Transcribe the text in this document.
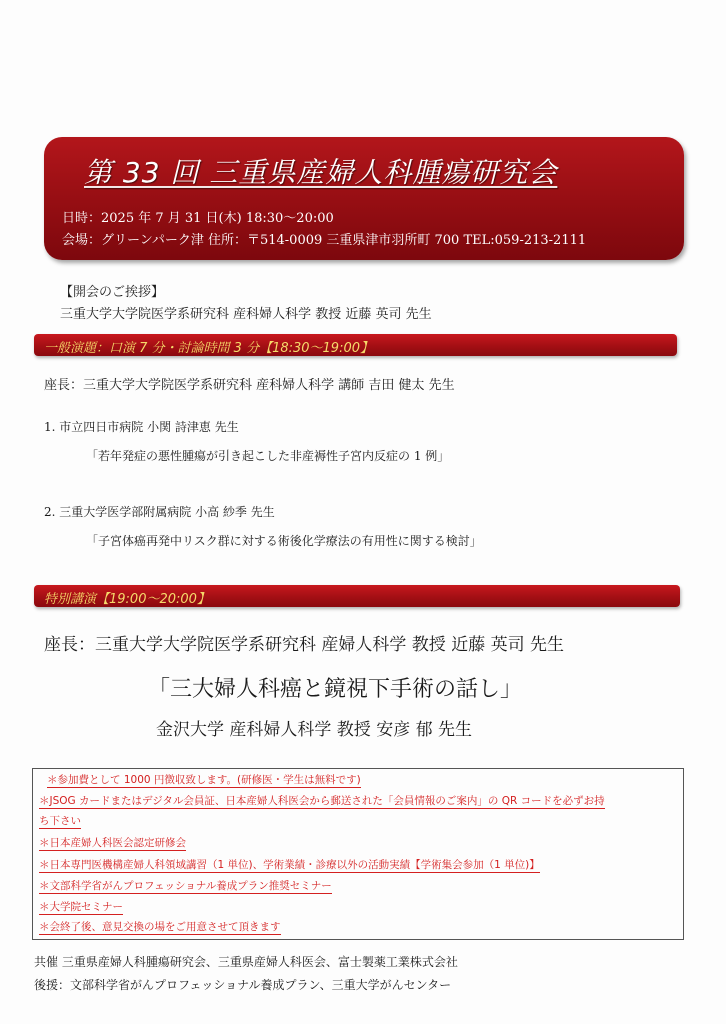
第 33 回 三重県産婦人科腫瘍研究会
日時：2025 年 7 月 31 日(木) 18:30〜20:00
会場：グリーンパーク津 住所：〒514-0009 三重県津市羽所町 700 TEL:059-213-2111
【開会のご挨拶】
三重大学大学院医学系研究科 産科婦人科学 教授 近藤 英司 先生
一般演題：口演 7 分・討論時間 3 分【18:30〜19:00】
座長：三重大学大学院医学系研究科 産科婦人科学 講師 吉田 健太 先生
1. 市立四日市病院 小関 詩津恵 先生
「若年発症の悪性腫瘍が引き起こした非産褥性子宮内反症の 1 例」
2. 三重大学医学部附属病院 小高 紗季 先生
「子宮体癌再発中リスク群に対する術後化学療法の有用性に関する検討」
特別講演【19:00〜20:00】
座長：三重大学大学院医学系研究科 産婦人科学 教授 近藤 英司 先生
「三大婦人科癌と鏡視下手術の話し」
金沢大学 産科婦人科学 教授 安彦 郁 先生
＊参加費として 1000 円徴収致します。(研修医・学生は無料です)
＊JSOG カードまたはデジタル会員証、日本産婦人科医会から郵送された「会員情報のご案内」の QR コードを必ずお持
ち下さい
＊日本産婦人科医会認定研修会
＊日本専門医機構産婦人科領域講習（1 単位)、学術業績・診療以外の活動実績【学術集会参加（1 単位)】
＊文部科学省がんプロフェッショナル養成プラン推奨セミナー
＊大学院セミナー
＊会終了後、意見交換の場をご用意させて頂きます
共催 三重県産婦人科腫瘍研究会、三重県産婦人科医会、富士製薬工業株式会社
後援：文部科学省がんプロフェッショナル養成プラン、三重大学がんセンター
